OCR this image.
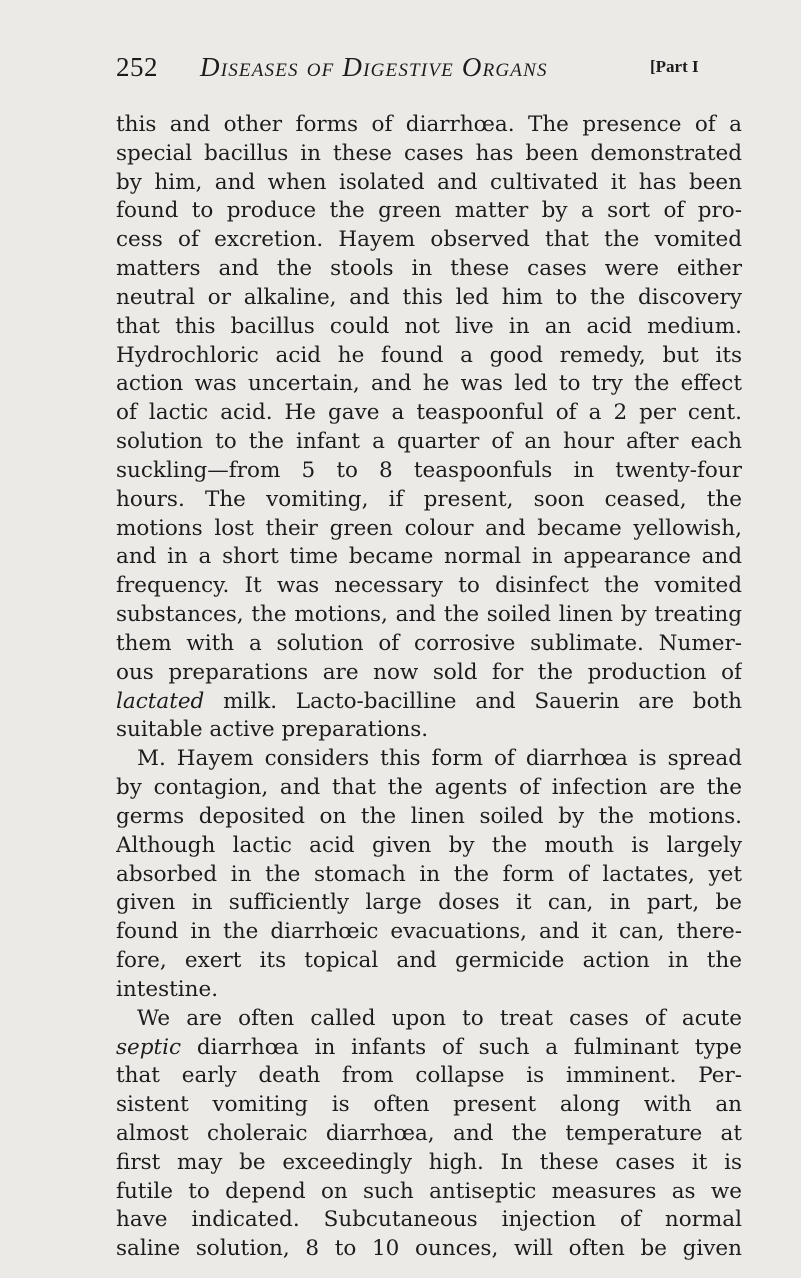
252 Diseases of Digestive Organs	[Part I
this and other forms of diarrhœa. The presence of a
special bacillus in these cases has been demonstrated
by him, and when isolated and cultivated it has been
found to produce the green matter by a sort of pro-
cess of excretion. Hayem observed that the vomited
matters and the stools in these cases were either
neutral or alkaline, and this led him to the discovery
that this bacillus could not live in an acid medium.
Hydrochloric acid he found a good remedy, but its
action was uncertain, and he was led to try the effect
of lactic acid. He gave a teaspoonful of a 2 per cent.
solution to the infant a quarter of an hour after each
suckling—from 5 to 8 teaspoonfuls in twenty-four
hours. The vomiting, if present, soon ceased, the
motions lost their green colour and became yellowish,
and in a short time became normal in appearance and
frequency. It was necessary to disinfect the vomited
substances, the motions, and the soiled linen by treating
them with a solution of corrosive sublimate. Numer-
ous preparations are now sold for the production of
lactated milk. Lacto-bacilline and Sauerin are both
suitable active preparations.
M. Hayem considers this form of diarrhœa is spread
by contagion, and that the agents of infection are the
germs deposited on the linen soiled by the motions.
Although lactic acid given by the mouth is largely
absorbed in the stomach in the form of lactates, yet
given in sufficiently large doses it can, in part, be
found in the diarrhœic evacuations, and it can, there-
fore, exert its topical and germicide action in the
intestine.
We are often called upon to treat cases of acute
septic diarrhœa in infants of such a fulminant type
that early death from collapse is imminent. Per-
sistent vomiting is often present along with an
almost choleraic diarrhœa, and the temperature at
first may be exceedingly high. In these cases it is
futile to depend on such antiseptic measures as we
have indicated. Subcutaneous injection of normal
saline solution, 8 to 10 ounces, will often be given
